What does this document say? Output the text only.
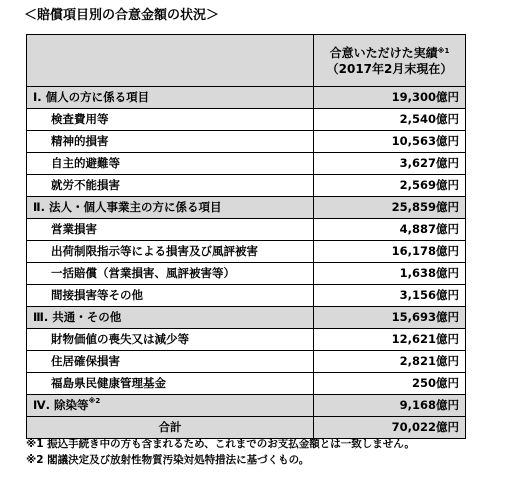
＜賠償項目別の合意金額の状況＞
	合意いただけた実績$^{※1}$
（2017年2月末現在）
Ⅰ. 個人の方に係る項目	19,300億円
検査費用等	2,540億円
精神的損害	10,563億円
自主的避難等	3,627億円
就労不能損害	2,569億円
Ⅱ. 法人・個人事業主の方に係る項目	25,859億円
営業損害	4,887億円
出荷制限指示等による損害及び風評被害	16,178億円
一括賠償（営業損害、風評被害等）	1,638億円
間接損害等その他	3,156億円
Ⅲ. 共通・その他	15,693億円
財物価値の喪失又は減少等	12,621億円
住居確保損害	2,821億円
福島県民健康管理基金	250億円
Ⅳ. 除染等$^{※2}$	9,168億円
合計	70,022億円
※1 振込手続き中の方も含まれるため、これまでのお支払金額とは一致しません。
※2 閣議決定及び放射性物質汚染対処特措法に基づくもの。
